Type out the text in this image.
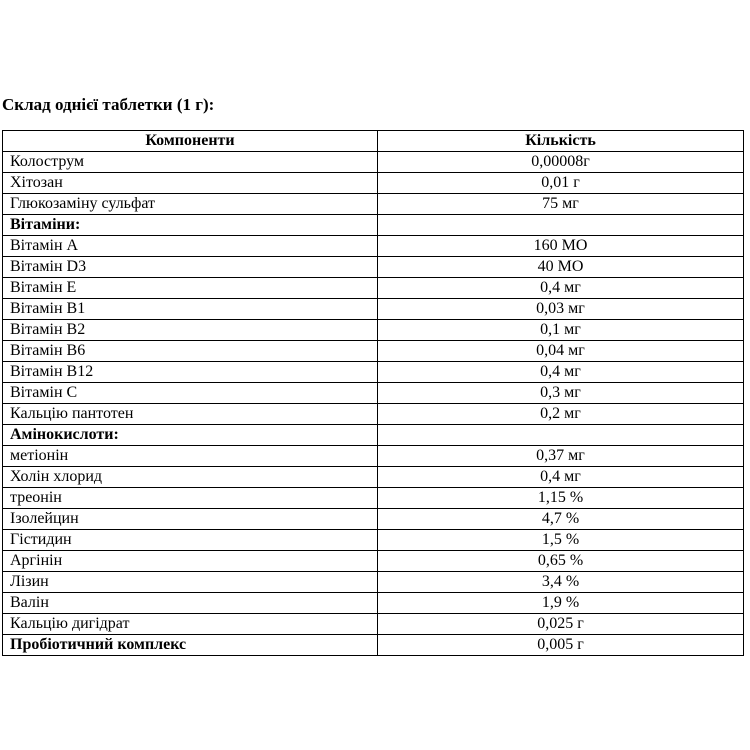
Склад однієї таблетки (1 г):
Компоненти	Кількість
Колострум	0,00008г
Хітозан	0,01 г
Глюкозаміну сульфат	75 мг
Вітаміни:	
Вітамін А	160 МО
Вітамін D3	40 МО
Вітамін Е	0,4 мг
Вітамін В1	0,03 мг
Вітамін В2	0,1 мг
Вітамін В6	0,04 мг
Вітамін В12	0,4 мг
Вітамін С	0,3 мг
Кальцію пантотен	0,2 мг
Амінокислоти:	
метіонін	0,37 мг
Холін хлорид	0,4 мг
треонін	1,15 %
Ізолейцин	4,7 %
Гістидин	1,5 %
Аргінін	0,65 %
Лізин	3,4 %
Валін	1,9 %
Кальцію дигідрат	0,025 г
Пробіотичний комплекс	0,005 г
